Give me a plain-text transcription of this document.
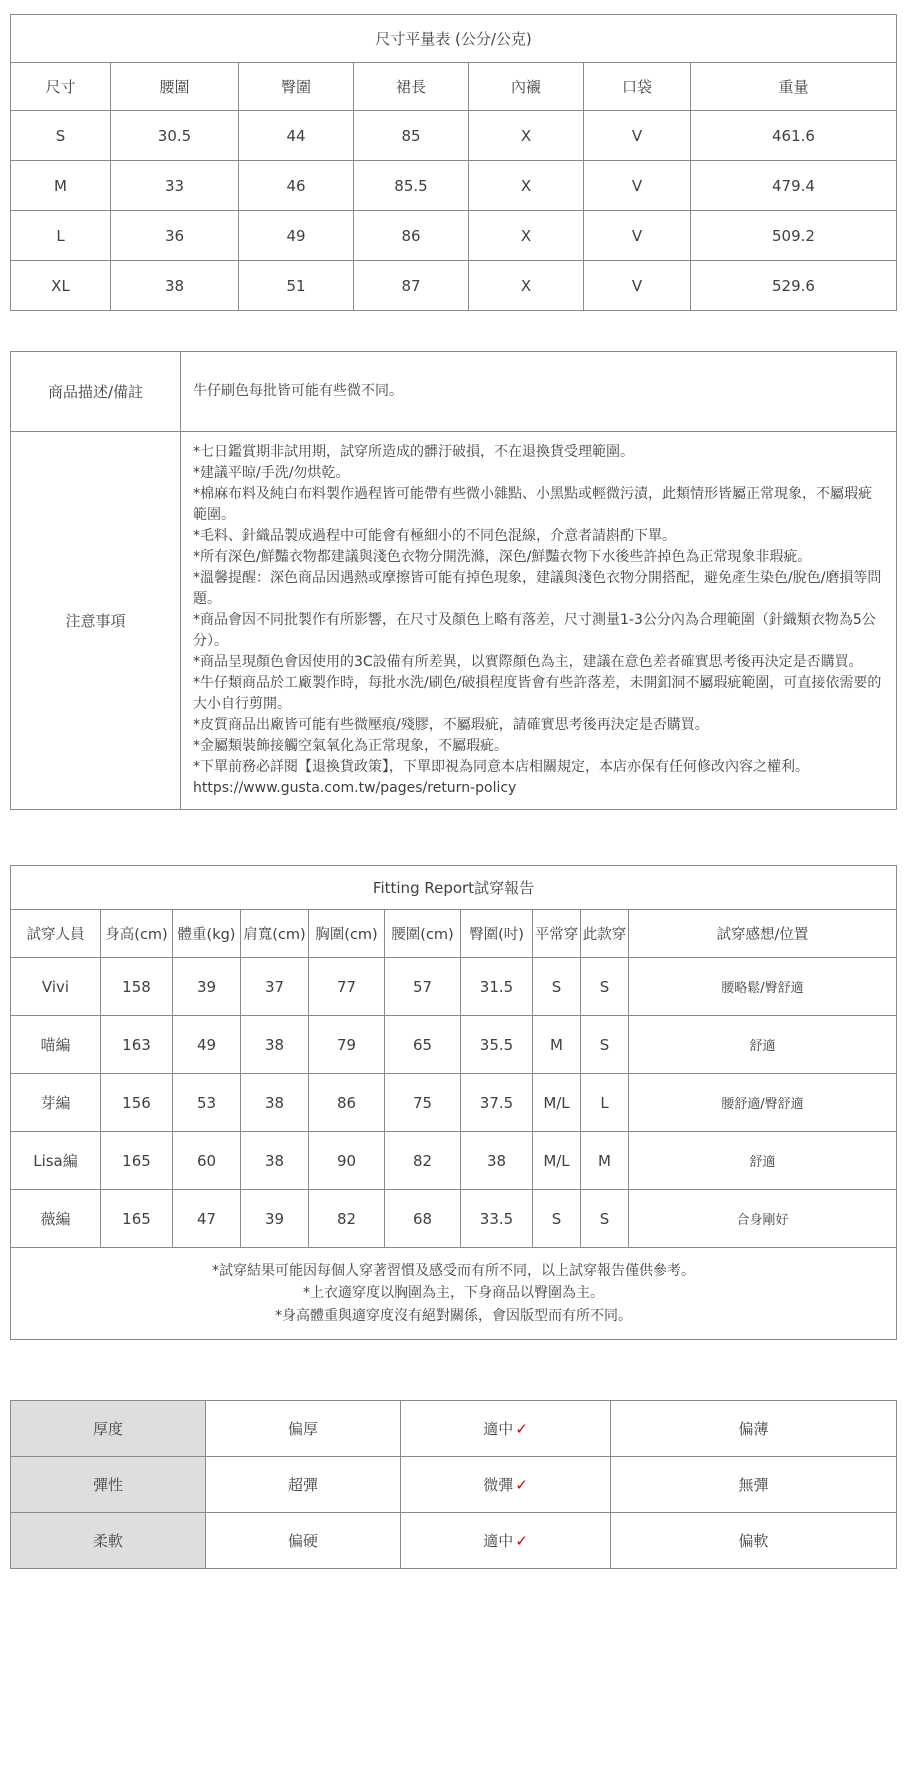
尺寸平量表 (公分/公克)						
尺寸	腰圍	臀圍	裙長	內襯	口袋	重量
S	30.5	44	85	X	V	461.6
M	33	46	85.5	X	V	479.4
L	36	49	86	X	V	509.2
XL	38	51	87	X	V	529.6
商品描述/備註	牛仔刷色每批皆可能有些微不同。
注意事項	
*七日鑑賞期非試用期，試穿所造成的髒汙破損，不在退換貨受理範圍。
*建議平晾/手洗/勿烘乾。
*棉麻布料及純白布料製作過程皆可能帶有些微小雜點、小黑點或輕微污漬，此類情形皆屬正常現象，不屬瑕疵範圍。
*毛料、針織品製成過程中可能會有極細小的不同色混線，介意者請斟酌下單。
*所有深色/鮮豔衣物都建議與淺色衣物分開洗滌，深色/鮮豔衣物下水後些許掉色為正常現象非瑕疵。
*溫馨提醒：深色商品因遇熱或摩擦皆可能有掉色現象，建議與淺色衣物分開搭配，避免產生染色/脫色/磨損等問題。
*商品會因不同批製作有所影響，在尺寸及顏色上略有落差，尺寸測量1-3公分內為合理範圍（針織類衣物為5公分）。
*商品呈現顏色會因使用的3C設備有所差異，以實際顏色為主，建議在意色差者確實思考後再決定是否購買。
*牛仔類商品於工廠製作時，每批水洗/刷色/破損程度皆會有些許落差，未開釦洞不屬瑕疵範圍，可直接依需要的大小自行剪開。
*皮質商品出廠皆可能有些微壓痕/殘膠，不屬瑕疵，請確實思考後再決定是否購買。
*金屬類裝飾接觸空氣氧化為正常現象，不屬瑕疵。
*下單前務必詳閱【退換貨政策】，下單即視為同意本店相關規定，本店亦保有任何修改內容之權利。
https://www.gusta.com.tw/pages/return-policy
Fitting Report試穿報告									
試穿人員	身高(cm)	體重(kg)	肩寬(cm)	胸圍(cm)	腰圍(cm)	臀圍(吋)	平常穿	此款穿	試穿感想/位置
Vivi	158	39	37	77	57	31.5	S	S	腰略鬆/臀舒適
喵編	163	49	38	79	65	35.5	M	S	舒適
芽編	156	53	38	86	75	37.5	M/L	L	腰舒適/臀舒適
Lisa編	165	60	38	90	82	38	M/L	M	舒適
薇編	165	47	39	82	68	33.5	S	S	合身剛好

*試穿結果可能因每個人穿著習慣及感受而有所不同，以上試穿報告僅供參考。
*上衣適穿度以胸圍為主，下身商品以臀圍為主。
*身高體重與適穿度沒有絕對關係，會因版型而有所不同。									
厚度	偏厚	適中 ✓	偏薄
彈性	超彈	微彈 ✓	無彈
柔軟	偏硬	適中 ✓	偏軟
